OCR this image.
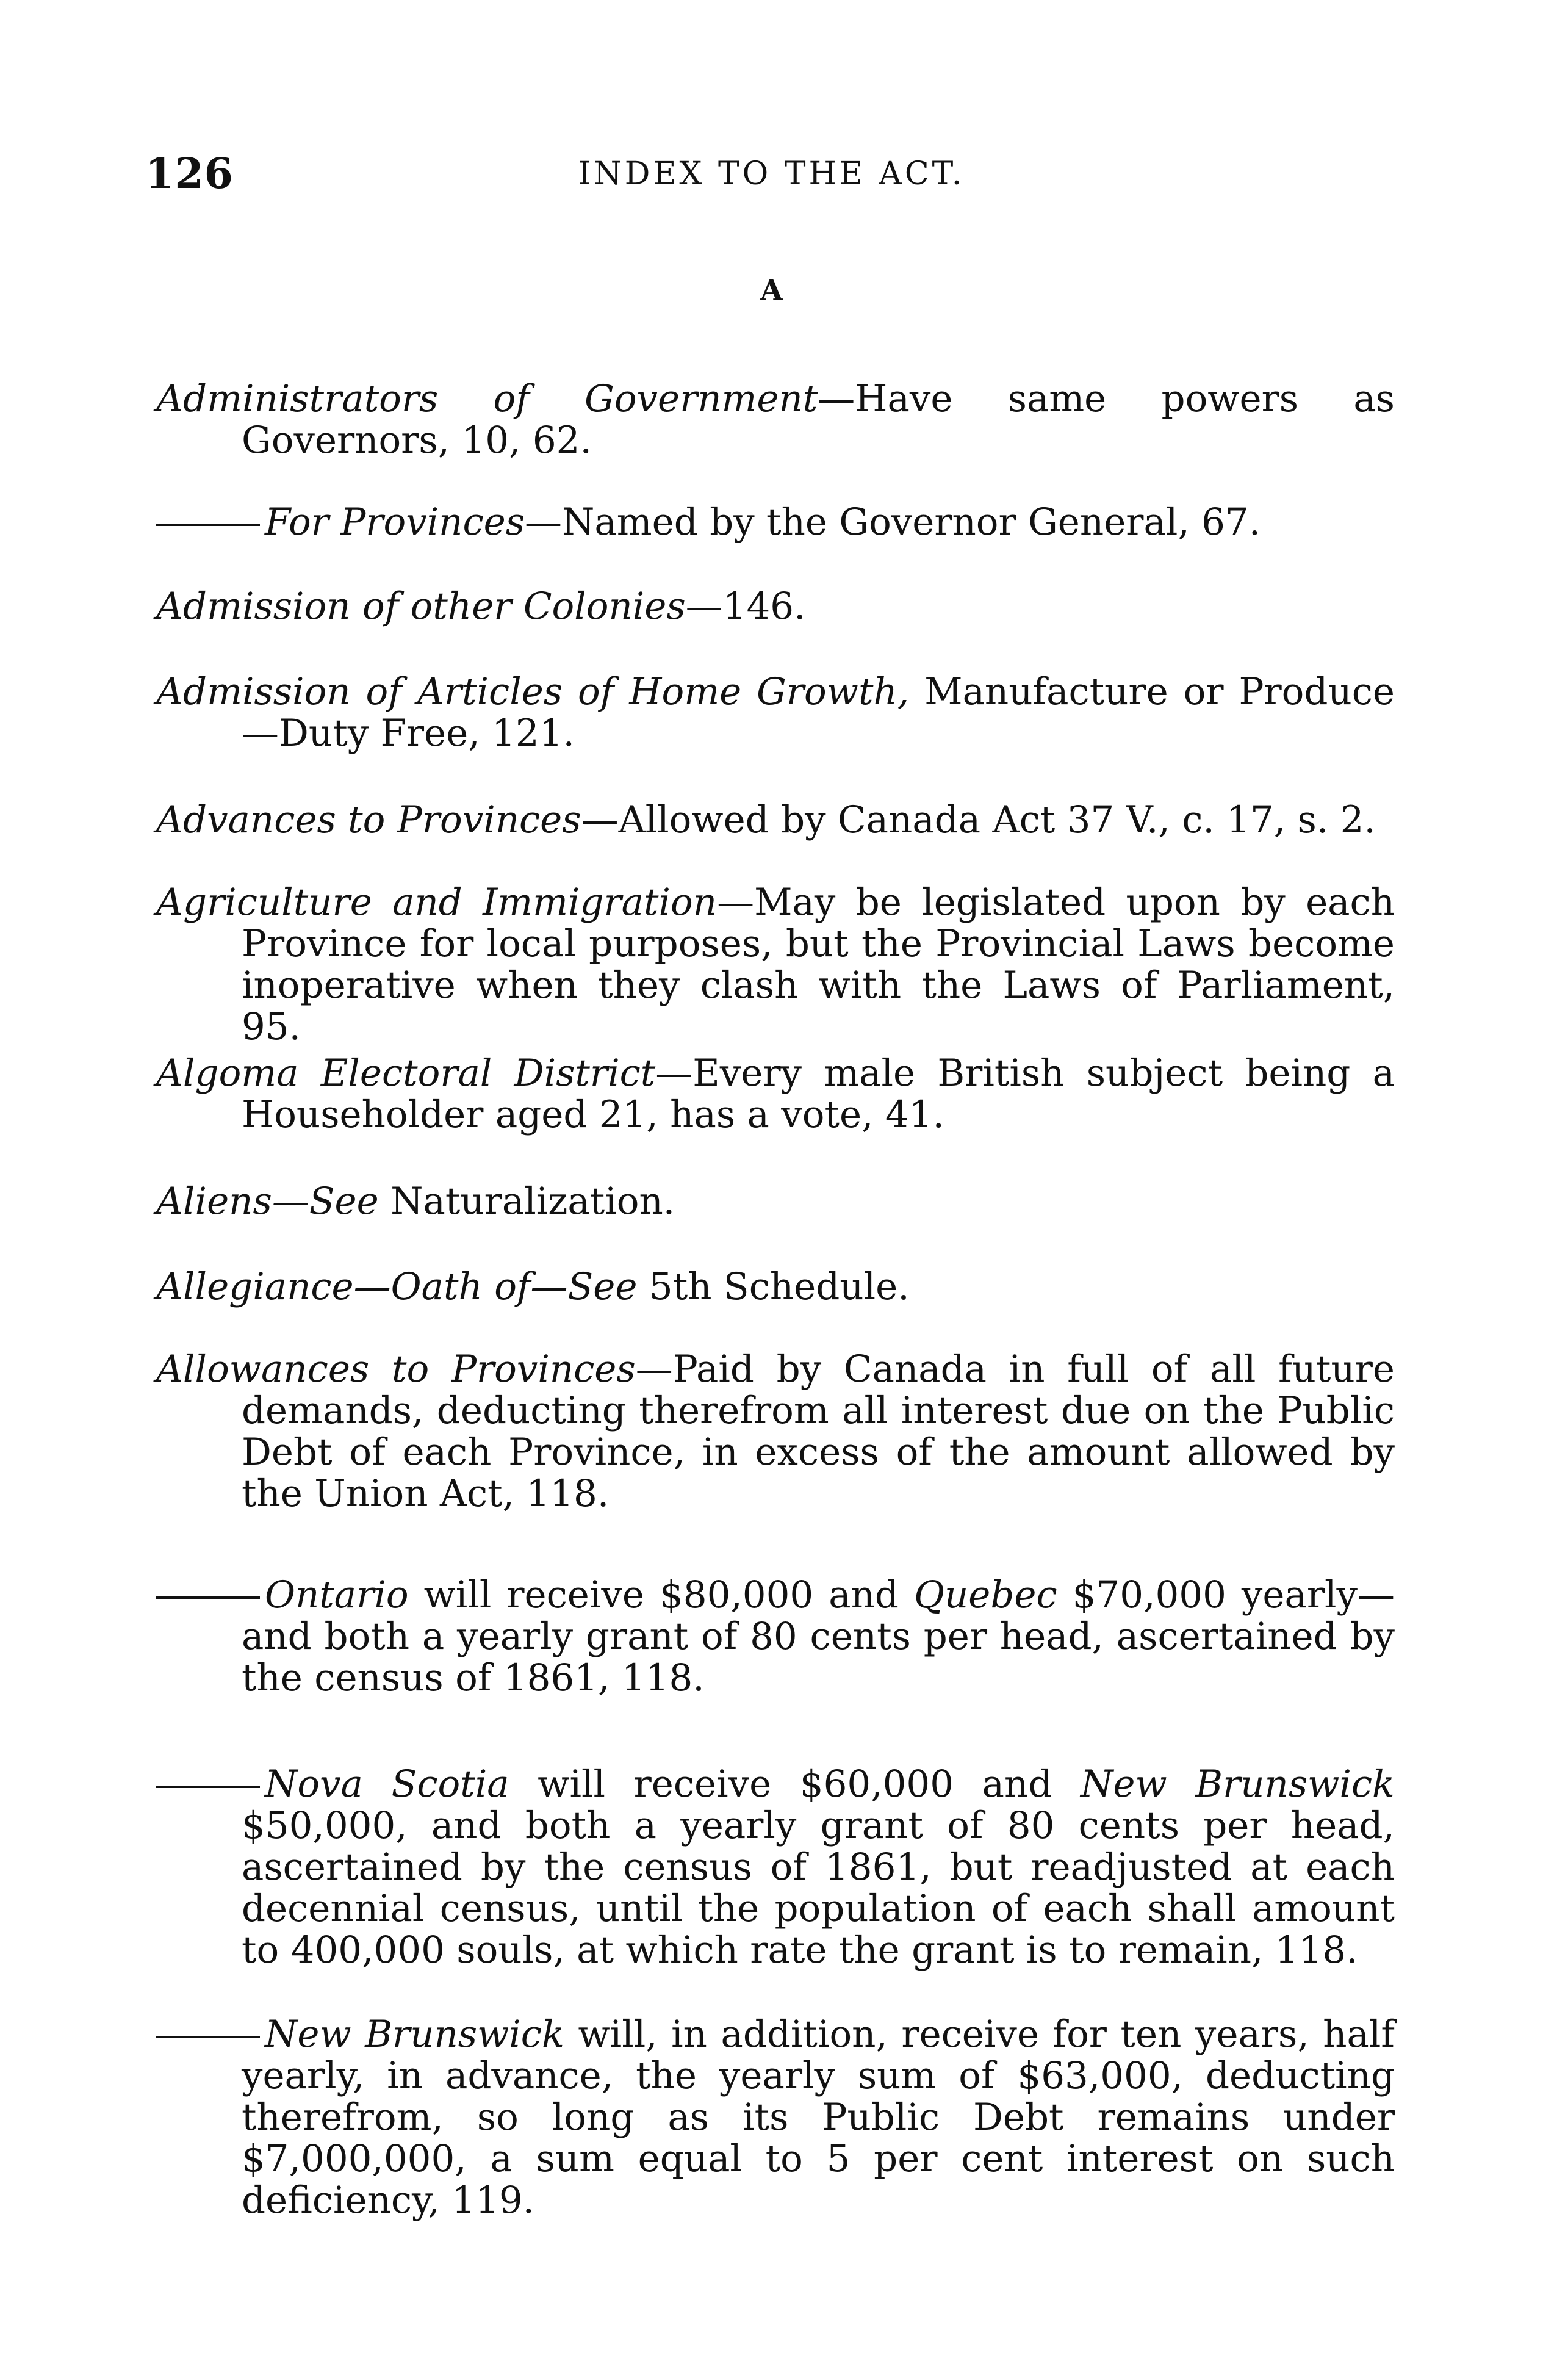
126	INDEX TO THE ACT.
A
Administrators of Government—Have same powers as Governors, 10, 62.
For Provinces—Named by the Governor General, 67.
Admission of other Colonies—146.
Admission of Articles of Home Growth, Manufacture or Produce—Duty Free, 121.
Advances to Provinces—Allowed by Canada Act 37 V., c. 17, s. 2.
Agriculture and Immigration—May be legislated upon by each Province for local purposes, but the Provincial Laws become inoperative when they clash with the Laws of Parliament, 95.
Algoma Electoral District—Every male British subject being a Householder aged 21, has a vote, 41.
Aliens—See Naturalization.
Allegiance—Oath of—See 5th Schedule.
Allowances to Provinces—Paid by Canada in full of all future demands, deducting therefrom all interest due on the Public Debt of each Province, in excess of the amount allowed by the Union Act, 118.
Ontario will receive $80,000 and Quebec $70,000 yearly—and both a yearly grant of 80 cents per head, ascertained by the census of 1861, 118.
Nova Scotia will receive $60,000 and New Brunswick $50,000, and both a yearly grant of 80 cents per head, ascertained by the census of 1861, but readjusted at each decennial census, until the population of each shall amount to 400,000 souls, at which rate the grant is to remain, 118.
New Brunswick will, in addition, receive for ten years, half yearly, in advance, the yearly sum of $63,000, deducting therefrom, so long as its Public Debt remains under $7,000,000, a sum equal to 5 per cent interest on such deficiency, 119.
